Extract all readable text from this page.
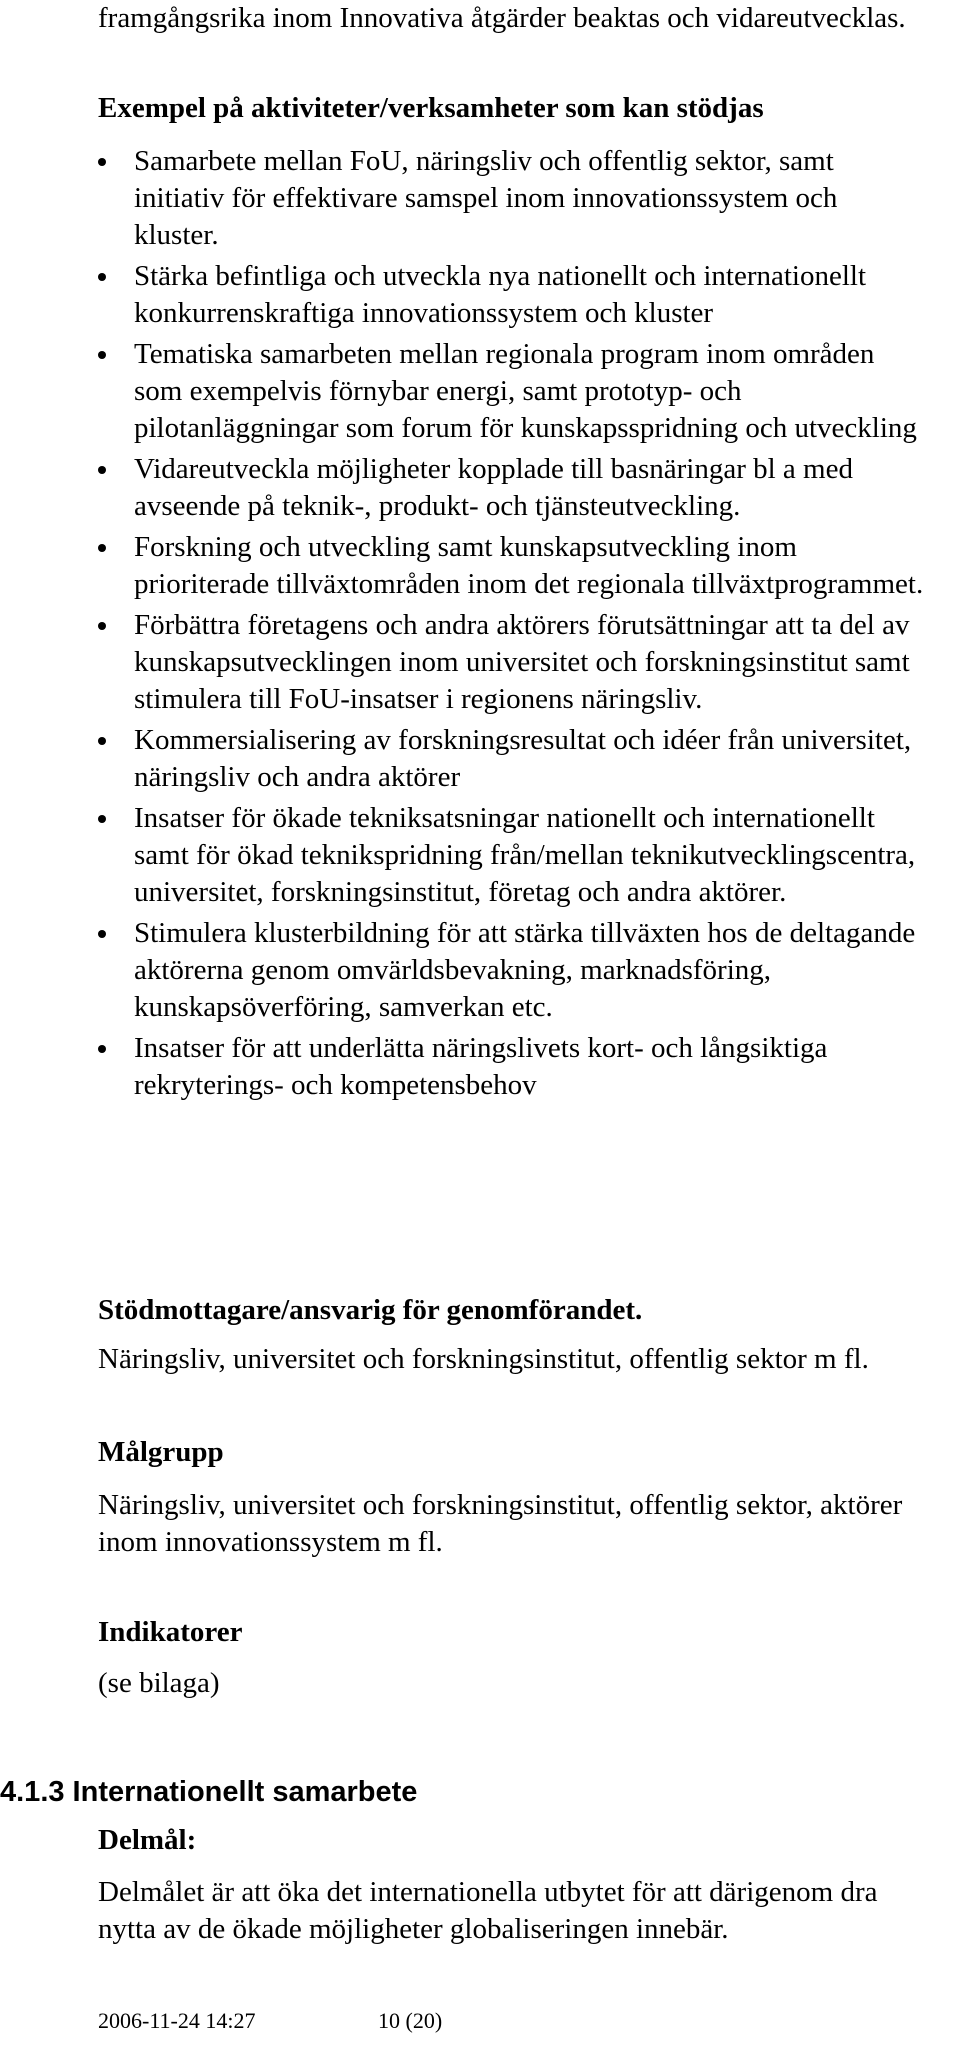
framgångsrika inom Innovativa åtgärder beaktas och vidareutvecklas.

Exempel på aktiviteter/verksamheter som kan stödjas

Samarbete mellan FoU, näringsliv och offentlig sektor, samt initiativ för effektivare samspel inom innovationssystem och kluster.
Stärka befintliga och utveckla nya nationellt och internationellt konkurrenskraftiga innovationssystem och kluster
Tematiska samarbeten mellan regionala program inom områden som exempelvis förnybar energi, samt prototyp- och pilotanläggningar som forum för kunskapsspridning och utveckling
Vidareutveckla möjligheter kopplade till basnäringar bl a med avseende på teknik-, produkt- och tjänsteutveckling.
Forskning och utveckling samt kunskapsutveckling inom prioriterade tillväxtområden inom det regionala tillväxtprogrammet.
Förbättra företagens och andra aktörers förutsättningar att ta del av kunskapsutvecklingen inom universitet och forskningsinstitut samt stimulera till FoU-insatser i regionens näringsliv.
Kommersialisering av forskningsresultat och idéer från universitet, näringsliv och andra aktörer
Insatser för ökade tekniksatsningar nationellt och internationellt samt för ökad teknikspridning från/mellan teknikutvecklingscentra, universitet, forskningsinstitut, företag och andra aktörer.
Stimulera klusterbildning för att stärka tillväxten hos de deltagande aktörerna genom omvärldsbevakning, marknadsföring, kunskapsöverföring, samverkan etc.
Insatser för att underlätta näringslivets kort- och långsiktiga rekryterings- och kompetensbehov

Stödmottagare/ansvarig för genomförandet.

Näringsliv, universitet och forskningsinstitut, offentlig sektor m fl.

Målgrupp

Näringsliv, universitet och forskningsinstitut, offentlig sektor, aktörer inom innovationssystem m fl.

Indikatorer

(se bilaga)

4.1.3 Internationellt samarbete

Delmål:

Delmålet är att öka det internationella utbytet för att därigenom dra nytta av de ökade möjligheter globaliseringen innebär.

2006-11-24 14:27	10 (20)
